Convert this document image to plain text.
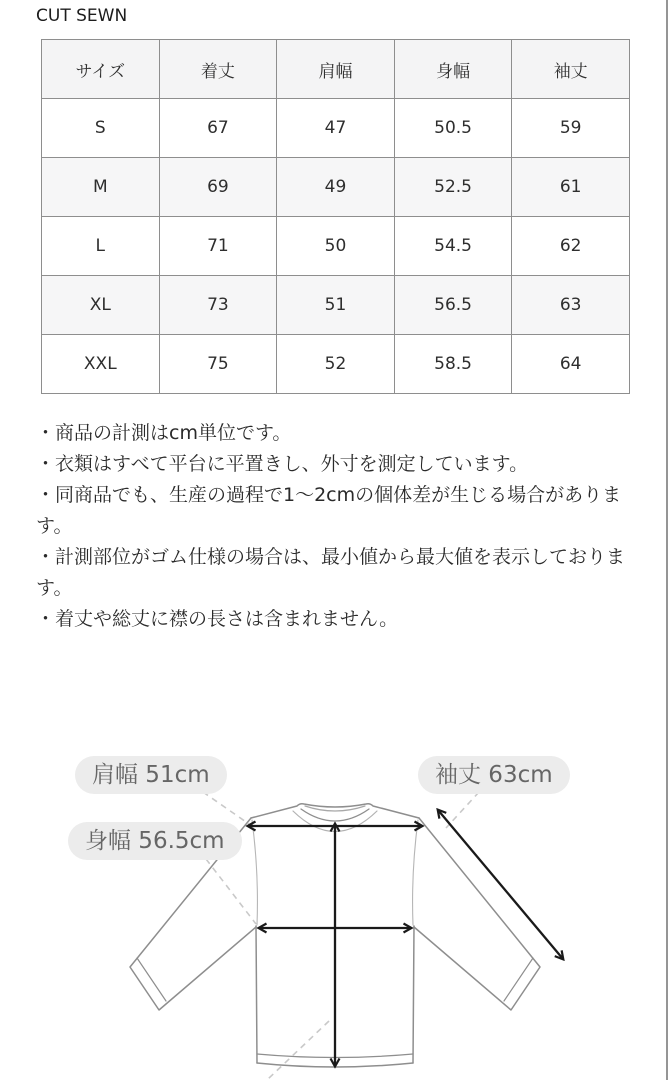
CUT SEWN
サイズ	着丈	肩幅	身幅	袖丈
S	67	47	50.5	59
M	69	49	52.5	61
L	71	50	54.5	62
XL	73	51	56.5	63
XXL	75	52	58.5	64

・商品の計測はcm単位です。

・衣類はすべて平台に平置きし、外寸を測定しています。

・同商品でも、生産の過程で1〜2cmの個体差が生じる場合があります。

・計測部位がゴム仕様の場合は、最小値から最大値を表示しております。

・着丈や総丈に襟の長さは含まれません。

肩幅 51cm	袖丈 63cm
身幅 56.5cm
